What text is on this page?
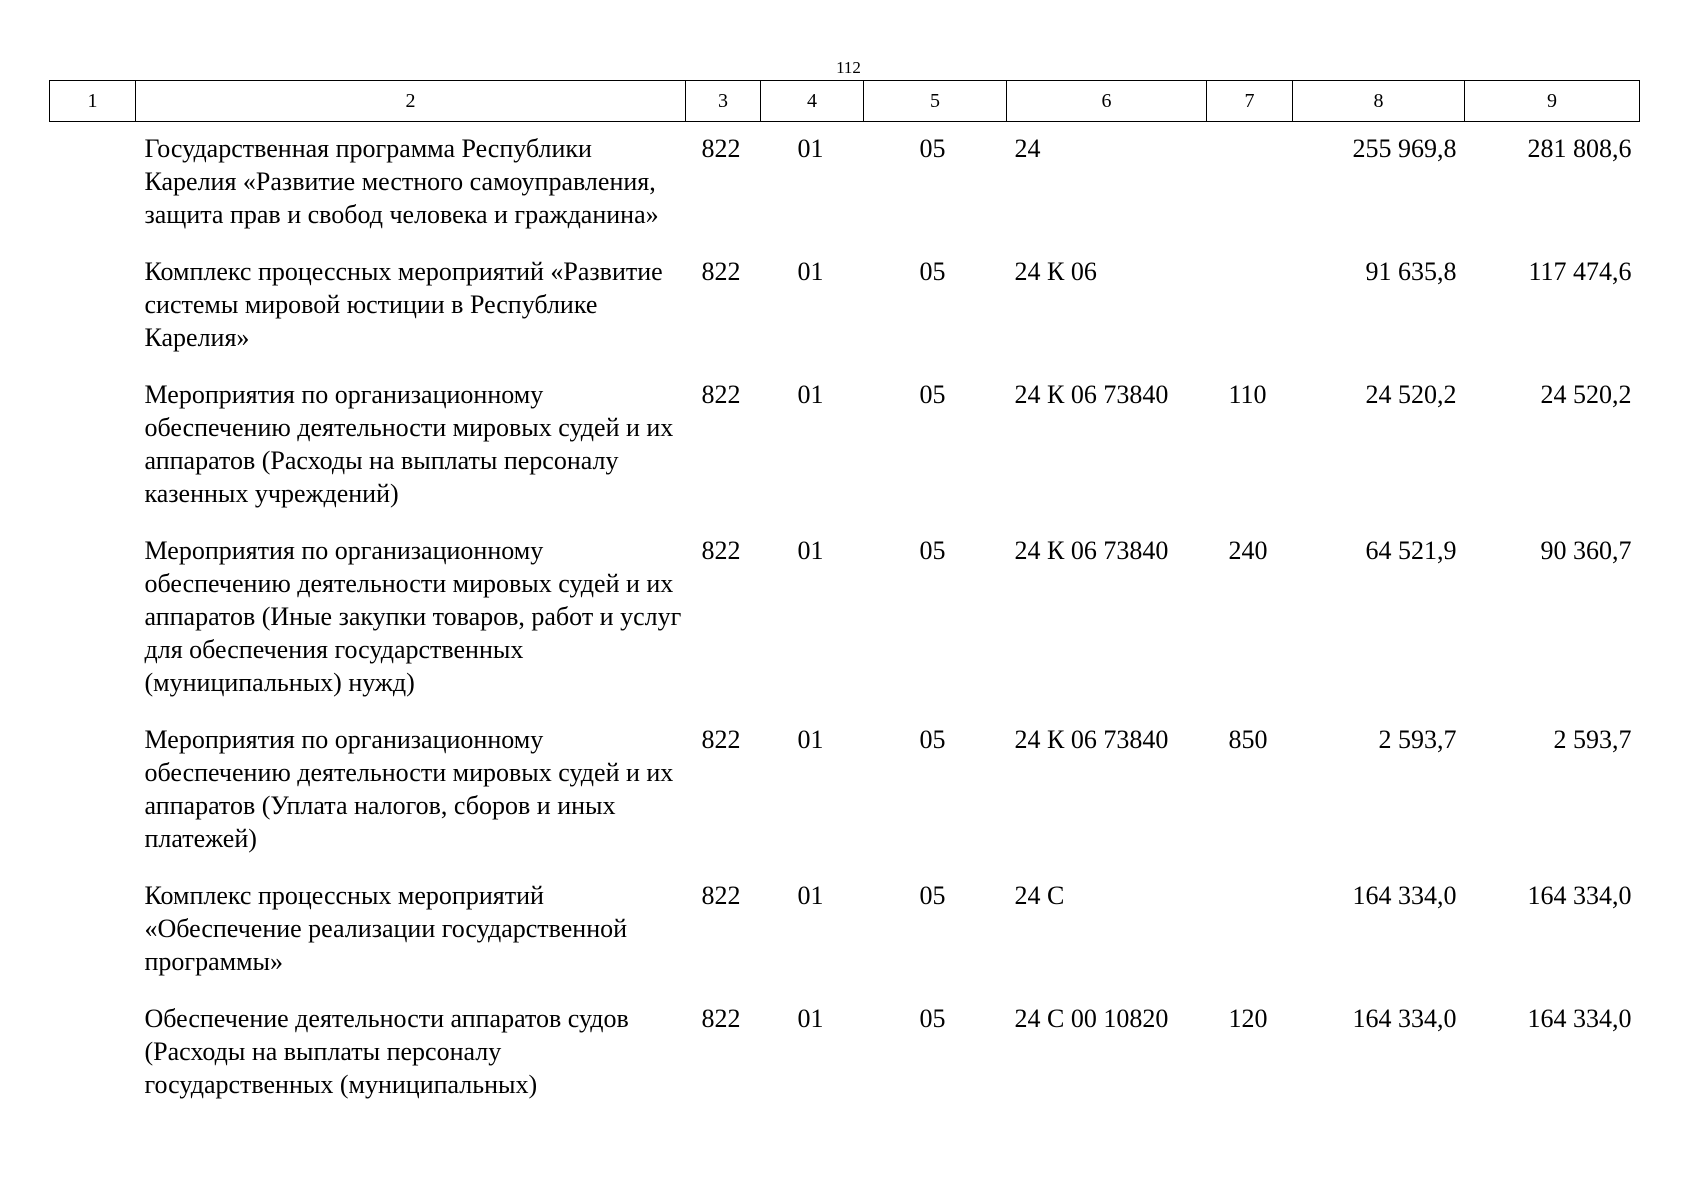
112
1	2	3	4	5	6	7	8	9
	Государственная программа Республики Карелия «Развитие местного самоуправления, защита прав и свобод человека и гражданина»	822	01	05	24		255 969,8	281 808,6
	Комплекс процессных мероприятий «Развитие системы мировой юстиции в Республике Карелия»	822	01	05	24 К 06		91 635,8	117 474,6
	Мероприятия по организационному обеспечению деятельности мировых судей и их аппаратов (Расходы на выплаты персоналу казенных учреждений)	822	01	05	24 К 06 73840	110	24 520,2	24 520,2
	Мероприятия по организационному обеспечению деятельности мировых судей и их аппаратов (Иные закупки товаров, работ и услуг для обеспечения государственных (муниципальных) нужд)	822	01	05	24 К 06 73840	240	64 521,9	90 360,7
	Мероприятия по организационному обеспечению деятельности мировых судей и их аппаратов (Уплата налогов, сборов и иных платежей)	822	01	05	24 К 06 73840	850	2 593,7	2 593,7
	Комплекс процессных мероприятий «Обеспечение реализации государственной программы»	822	01	05	24 С		164 334,0	164 334,0
	Обеспечение деятельности аппаратов судов (Расходы на выплаты персоналу государственных (муниципальных)	822	01	05	24 С 00 10820	120	164 334,0	164 334,0
